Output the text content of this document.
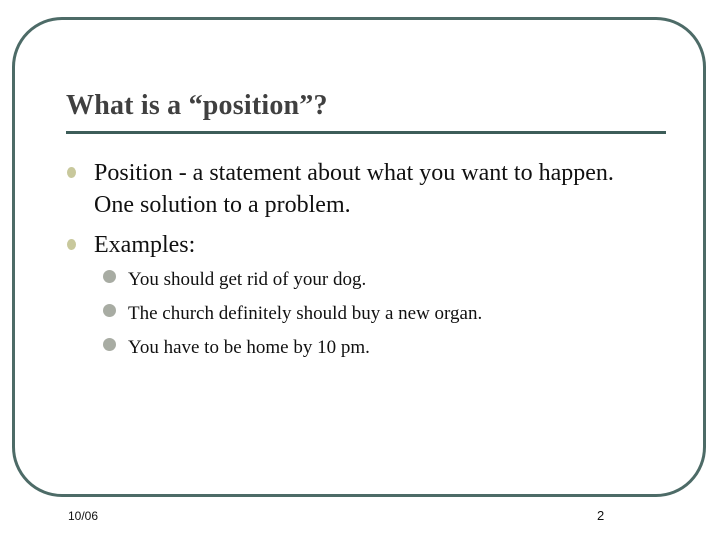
What is a “position”?
Position - a statement about what you want to happen.
One solution to a problem.
Examples:
You should get rid of your dog.
The church definitely should buy a new organ.
You have to be home by 10 pm.
10/06	2
